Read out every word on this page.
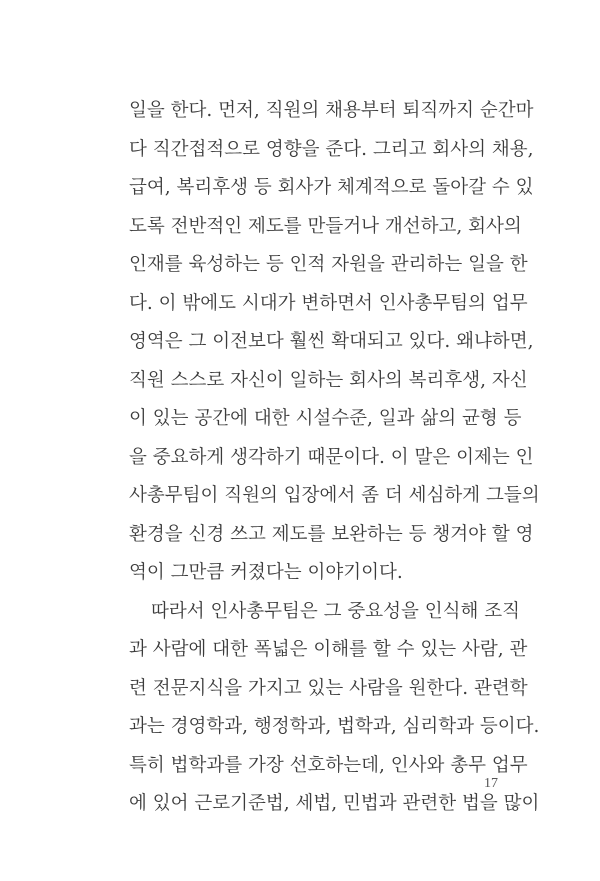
일을 한다. 먼저, 직원의 채용부터 퇴직까지 순간마
다 직간접적으로 영향을 준다. 그리고 회사의 채용,
급여, 복리후생 등 회사가 체계적으로 돌아갈 수 있
도록 전반적인 제도를 만들거나 개선하고, 회사의
인재를 육성하는 등 인적 자원을 관리하는 일을 한
다. 이 밖에도 시대가 변하면서 인사총무팀의 업무
영역은 그 이전보다 훨씬 확대되고 있다. 왜냐하면,
직원 스스로 자신이 일하는 회사의 복리후생, 자신
이 있는 공간에 대한 시설수준, 일과 삶의 균형 등
을 중요하게 생각하기 때문이다. 이 말은 이제는 인
사총무팀이 직원의 입장에서 좀 더 세심하게 그들의
환경을 신경 쓰고 제도를 보완하는 등 챙겨야 할 영
역이 그만큼 커졌다는 이야기이다.
따라서 인사총무팀은 그 중요성을 인식해 조직
과 사람에 대한 폭넓은 이해를 할 수 있는 사람, 관
련 전문지식을 가지고 있는 사람을 원한다. 관련학
과는 경영학과, 행정학과, 법학과, 심리학과 등이다.
특히 법학과를 가장 선호하는데, 인사와 총무 업무
에 있어 근로기준법, 세법, 민법과 관련한 법을 많이
17
